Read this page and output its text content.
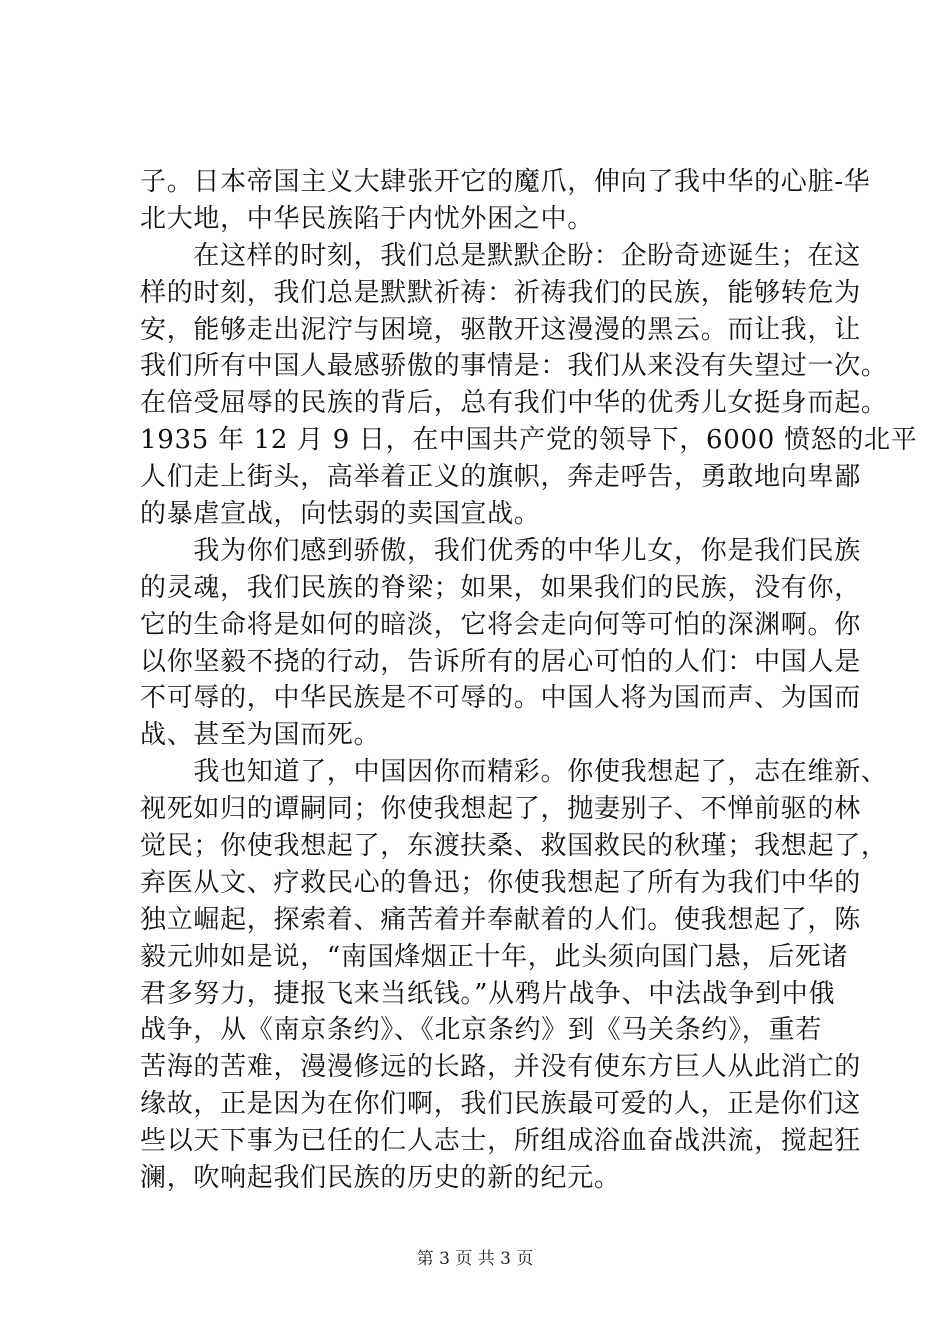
子。日本帝国主义大肆张开它的魔爪，伸向了我中华的心脏-华
北大地，中华民族陷于内忧外困之中。
　　在这样的时刻，我们总是默默企盼：企盼奇迹诞生；在这
样的时刻，我们总是默默祈祷：祈祷我们的民族，能够转危为
安，能够走出泥泞与困境，驱散开这漫漫的黑云。而让我，让
我们所有中国人最感骄傲的事情是：我们从来没有失望过一次。
在倍受屈辱的民族的背后，总有我们中华的优秀儿女挺身而起。
1935 年 12 月 9 日，在中国共产党的领导下，6000 愤怒的北平
人们走上街头，高举着正义的旗帜，奔走呼告，勇敢地向卑鄙
的暴虐宣战，向怯弱的卖国宣战。
　　我为你们感到骄傲，我们优秀的中华儿女，你是我们民族
的灵魂，我们民族的脊梁；如果，如果我们的民族，没有你，
它的生命将是如何的暗淡，它将会走向何等可怕的深渊啊。你
以你坚毅不挠的行动，告诉所有的居心可怕的人们：中国人是
不可辱的，中华民族是不可辱的。中国人将为国而声、为国而
战、甚至为国而死。
　　我也知道了，中国因你而精彩。你使我想起了，志在维新、
视死如归的谭嗣同；你使我想起了，抛妻别子、不惮前驱的林
觉民；你使我想起了，东渡扶桑、救国救民的秋瑾；我想起了，
弃医从文、疗救民心的鲁迅；你使我想起了所有为我们中华的
独立崛起，探索着、痛苦着并奉献着的人们。使我想起了，陈
毅元帅如是说，“南国烽烟正十年，此头须向国门悬，后死诸
君多努力，捷报飞来当纸钱。”从鸦片战争、中法战争到中俄
战争，从《南京条约》、《北京条约》到《马关条约》，重若
苦海的苦难，漫漫修远的长路，并没有使东方巨人从此消亡的
缘故，正是因为在你们啊，我们民族最可爱的人，正是你们这
些以天下事为已任的仁人志士，所组成浴血奋战洪流，搅起狂
澜，吹响起我们民族的历史的新的纪元。
第 3 页 共 3 页
